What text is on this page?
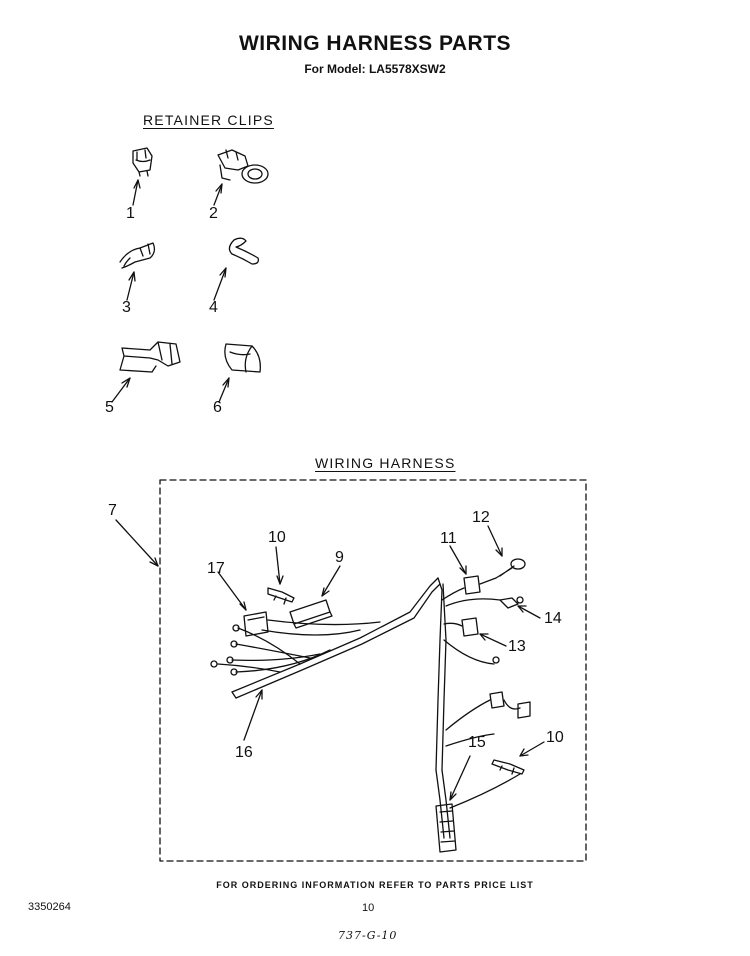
WIRING HARNESS PARTS
For Model: LA5578XSW2
RETAINER CLIPS
WIRING HARNESS
1	2
3	4
5	6
7
9
10
10
11
12
13
14
15
16
17
FOR ORDERING INFORMATION REFER TO PARTS PRICE LIST
3350264	10
737-G-10
